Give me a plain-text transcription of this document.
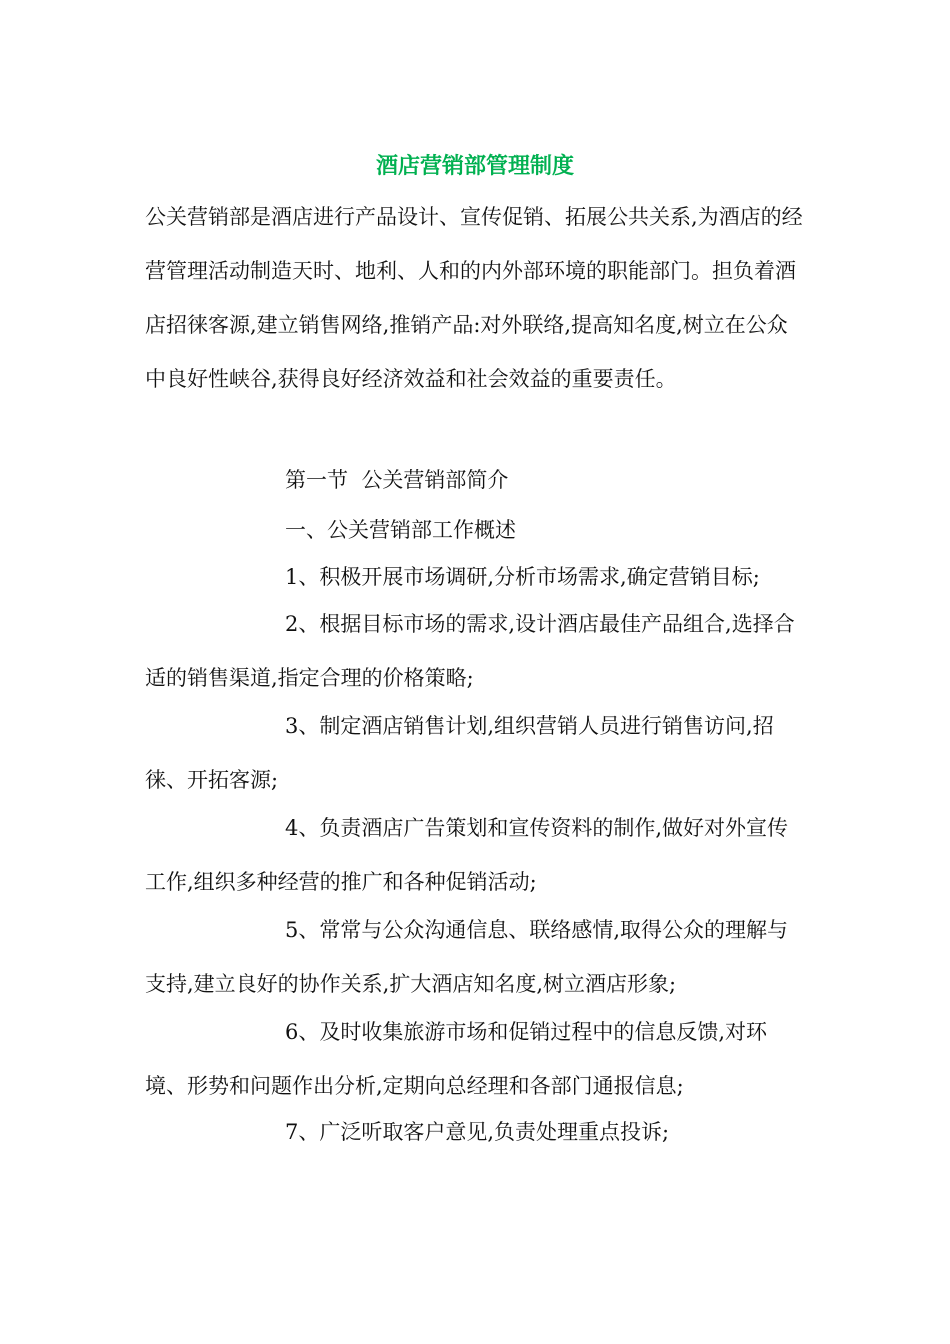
酒店营销部管理制度

公关营销部是酒店进行产品设计、宣传促销、拓展公共关系,为酒店的经营管理活动制造天时、地利、人和的内外部环境的职能部门。担负着酒店招徕客源,建立销售网络,推销产品:对外联络,提高知名度,树立在公众中良好性峡谷,获得良好经济效益和社会效益的重要责任。

第一节  公关营销部简介

一、公关营销部工作概述

1、积极开展市场调研,分析市场需求,确定营销目标;

2、根据目标市场的需求,设计酒店最佳产品组合,选择合适的销售渠道,指定合理的价格策略;

3、制定酒店销售计划,组织营销人员进行销售访问,招徕、开拓客源;

4、负责酒店广告策划和宣传资料的制作,做好对外宣传工作,组织多种经营的推广和各种促销活动;

5、常常与公众沟通信息、联络感情,取得公众的理解与支持,建立良好的协作关系,扩大酒店知名度,树立酒店形象;

6、及时收集旅游市场和促销过程中的信息反馈,对环境、形势和问题作出分析,定期向总经理和各部门通报信息;

7、广泛听取客户意见,负责处理重点投诉;
